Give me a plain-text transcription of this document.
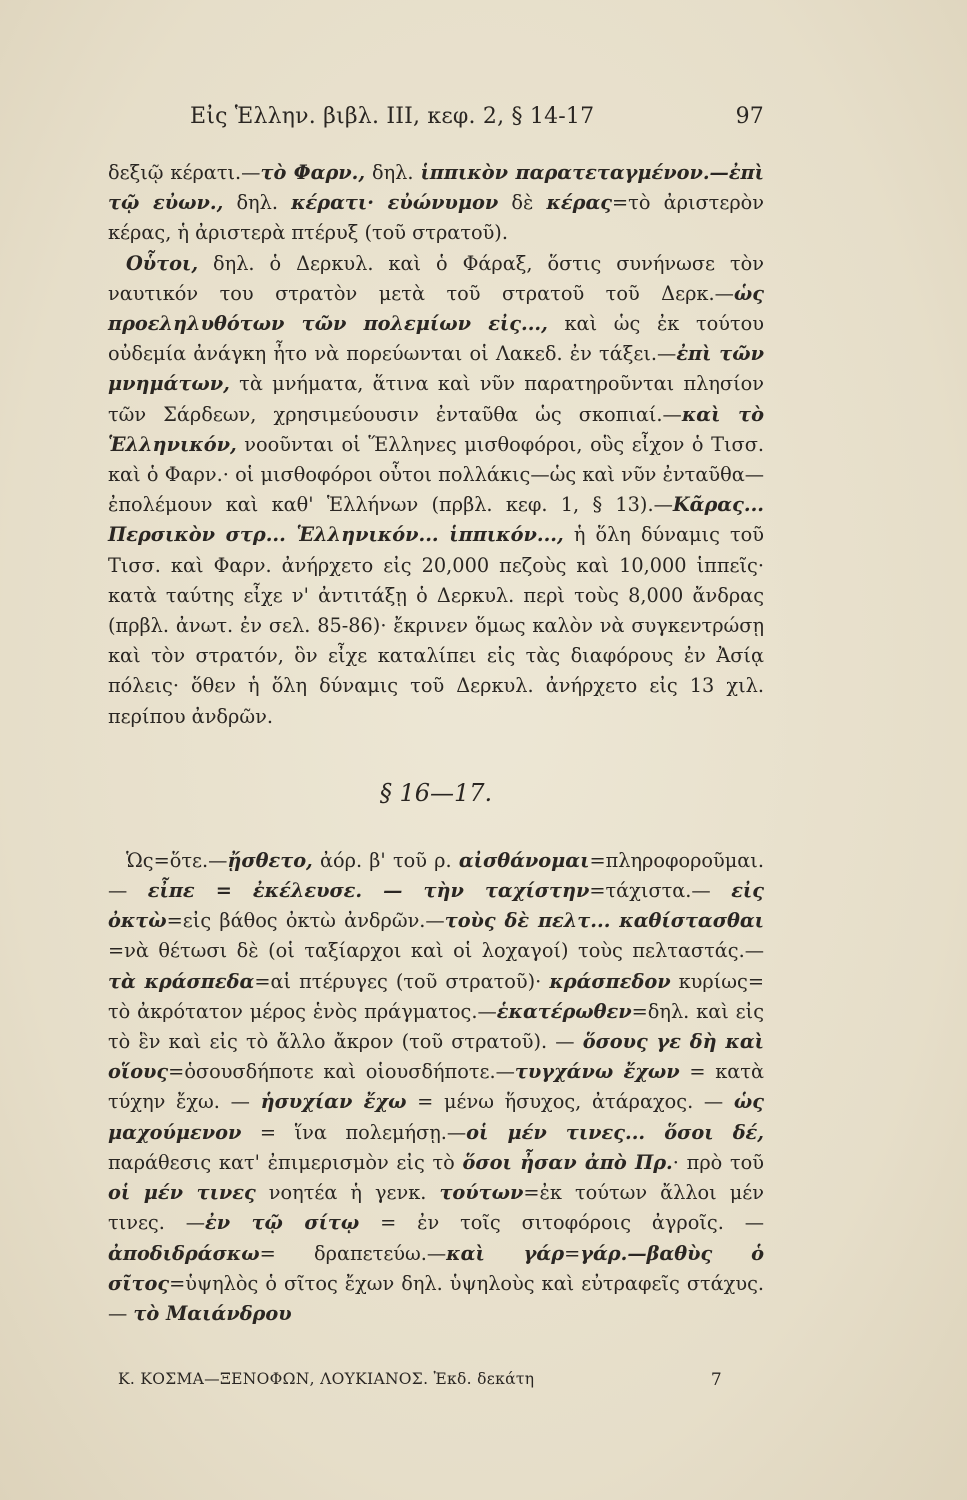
Εἰς Ἑλλην. βιβλ. III, κεφ. 2, § 14-17	97

δεξιῷ κέρατι.—τὸ Φαρν., δηλ. ἱππικὸν παρατεταγμένον.—ἐπὶ τῷ εὐων., δηλ. κέρατι· εὐώνυμον δὲ κέρας=τὸ ἀριστερὸν κέρας, ἡ ἀριστερὰ πτέρυξ (τοῦ στρατοῦ).

Οὗτοι, δηλ. ὁ Δερκυλ. καὶ ὁ Φάραξ, ὅστις συνήνωσε τὸν ναυτικόν του στρατὸν μετὰ τοῦ στρατοῦ τοῦ Δερκ.—ὡς προεληλυθότων τῶν πολεμίων εἰς..., καὶ ὡς ἐκ τούτου οὐδεμία ἀνάγκη ἦτο νὰ πορεύωνται οἱ Λακεδ. ἐν τάξει.—ἐπὶ τῶν μνημάτων, τὰ μνήματα, ἅτινα καὶ νῦν παρατηροῦνται πλησίον τῶν Σάρδεων, χρησιμεύουσιν ἐνταῦθα ὡς σκοπιαί.—καὶ τὸ Ἑλληνικόν, νοοῦνται οἱ Ἕλληνες μισθοφόροι, οὓς εἶχον ὁ Τισσ. καὶ ὁ Φαρν.· οἱ μισθοφόροι οὗτοι πολλάκις—ὡς καὶ νῦν ἐνταῦθα—ἐπολέμουν καὶ καθ' Ἑλλήνων (πρβλ. κεφ. 1, § 13).—Κᾶρας... Περσικὸν στρ... Ἑλληνικόν... ἱππικόν..., ἡ ὅλη δύναμις τοῦ Τισσ. καὶ Φαρν. ἀνήρχετο εἰς 20,000 πεζοὺς καὶ 10,000 ἱππεῖς· κατὰ ταύτης εἶχε ν' ἀντιτάξῃ ὁ Δερκυλ. περὶ τοὺς 8,000 ἄνδρας (πρβλ. ἀνωτ. ἐν σελ. 85-86)· ἔκρινεν ὅμως καλὸν νὰ συγκεντρώσῃ καὶ τὸν στρατόν, ὃν εἶχε καταλίπει εἰς τὰς διαφόρους ἐν Ἀσίᾳ πόλεις· ὅθεν ἡ ὅλη δύναμις τοῦ Δερκυλ. ἀνήρχετο εἰς 13 χιλ. περίπου ἀνδρῶν.

§ 16—17.

Ὡς=ὅτε.—ᾔσθετο, ἀόρ. β' τοῦ ρ. αἰσθάνομαι=πληροφοροῦμαι. — εἶπε = ἐκέλευσε. — τὴν ταχίστην=τάχιστα.— εἰς ὀκτὼ=εἰς βάθος ὀκτὼ ἀνδρῶν.—τοὺς δὲ πελτ... καθίστασθαι =νὰ θέτωσι δὲ (οἱ ταξίαρχοι καὶ οἱ λοχαγοί) τοὺς πελταστάς.— τὰ κράσπεδα=αἱ πτέρυγες (τοῦ στρατοῦ)· κράσπεδον κυρίως= τὸ ἀκρότατον μέρος ἑνὸς πράγματος.—ἑκατέρωθεν=δηλ. καὶ εἰς τὸ ἓν καὶ εἰς τὸ ἄλλο ἄκρον (τοῦ στρατοῦ). — ὅσους γε δὴ καὶ οἵους=ὁσουσδήποτε καὶ οἱουσδήποτε.—τυγχάνω ἔχων = κατὰ τύχην ἔχω. — ἡσυχίαν ἔχω = μένω ἥσυχος, ἀτάραχος. — ὡς μαχούμενον = ἵνα πολεμήσῃ.—οἱ μέν τινες... ὅσοι δέ, παράθεσις κατ' ἐπιμερισμὸν εἰς τὸ ὅσοι ἦσαν ἀπὸ Πρ.· πρὸ τοῦ οἱ μέν τινες νοητέα ἡ γενκ. τούτων=ἐκ τούτων ἄλλοι μέν τινες. —ἐν τῷ σίτῳ = ἐν τοῖς σιτοφόροις ἀγροῖς. — ἀποδιδράσκω= δραπετεύω.—καὶ γάρ=γάρ.—βαθὺς ὁ σῖτος=ὑψηλὸς ὁ σῖτος ἔχων δηλ. ὑψηλοὺς καὶ εὐτραφεῖς στάχυς. — τὸ Μαιάνδρου

Κ. ΚΟΣΜΑ—ΞΕΝΟΦΩΝ, ΛΟΥΚΙΑΝΟΣ. Ἐκδ. δεκάτη	7
